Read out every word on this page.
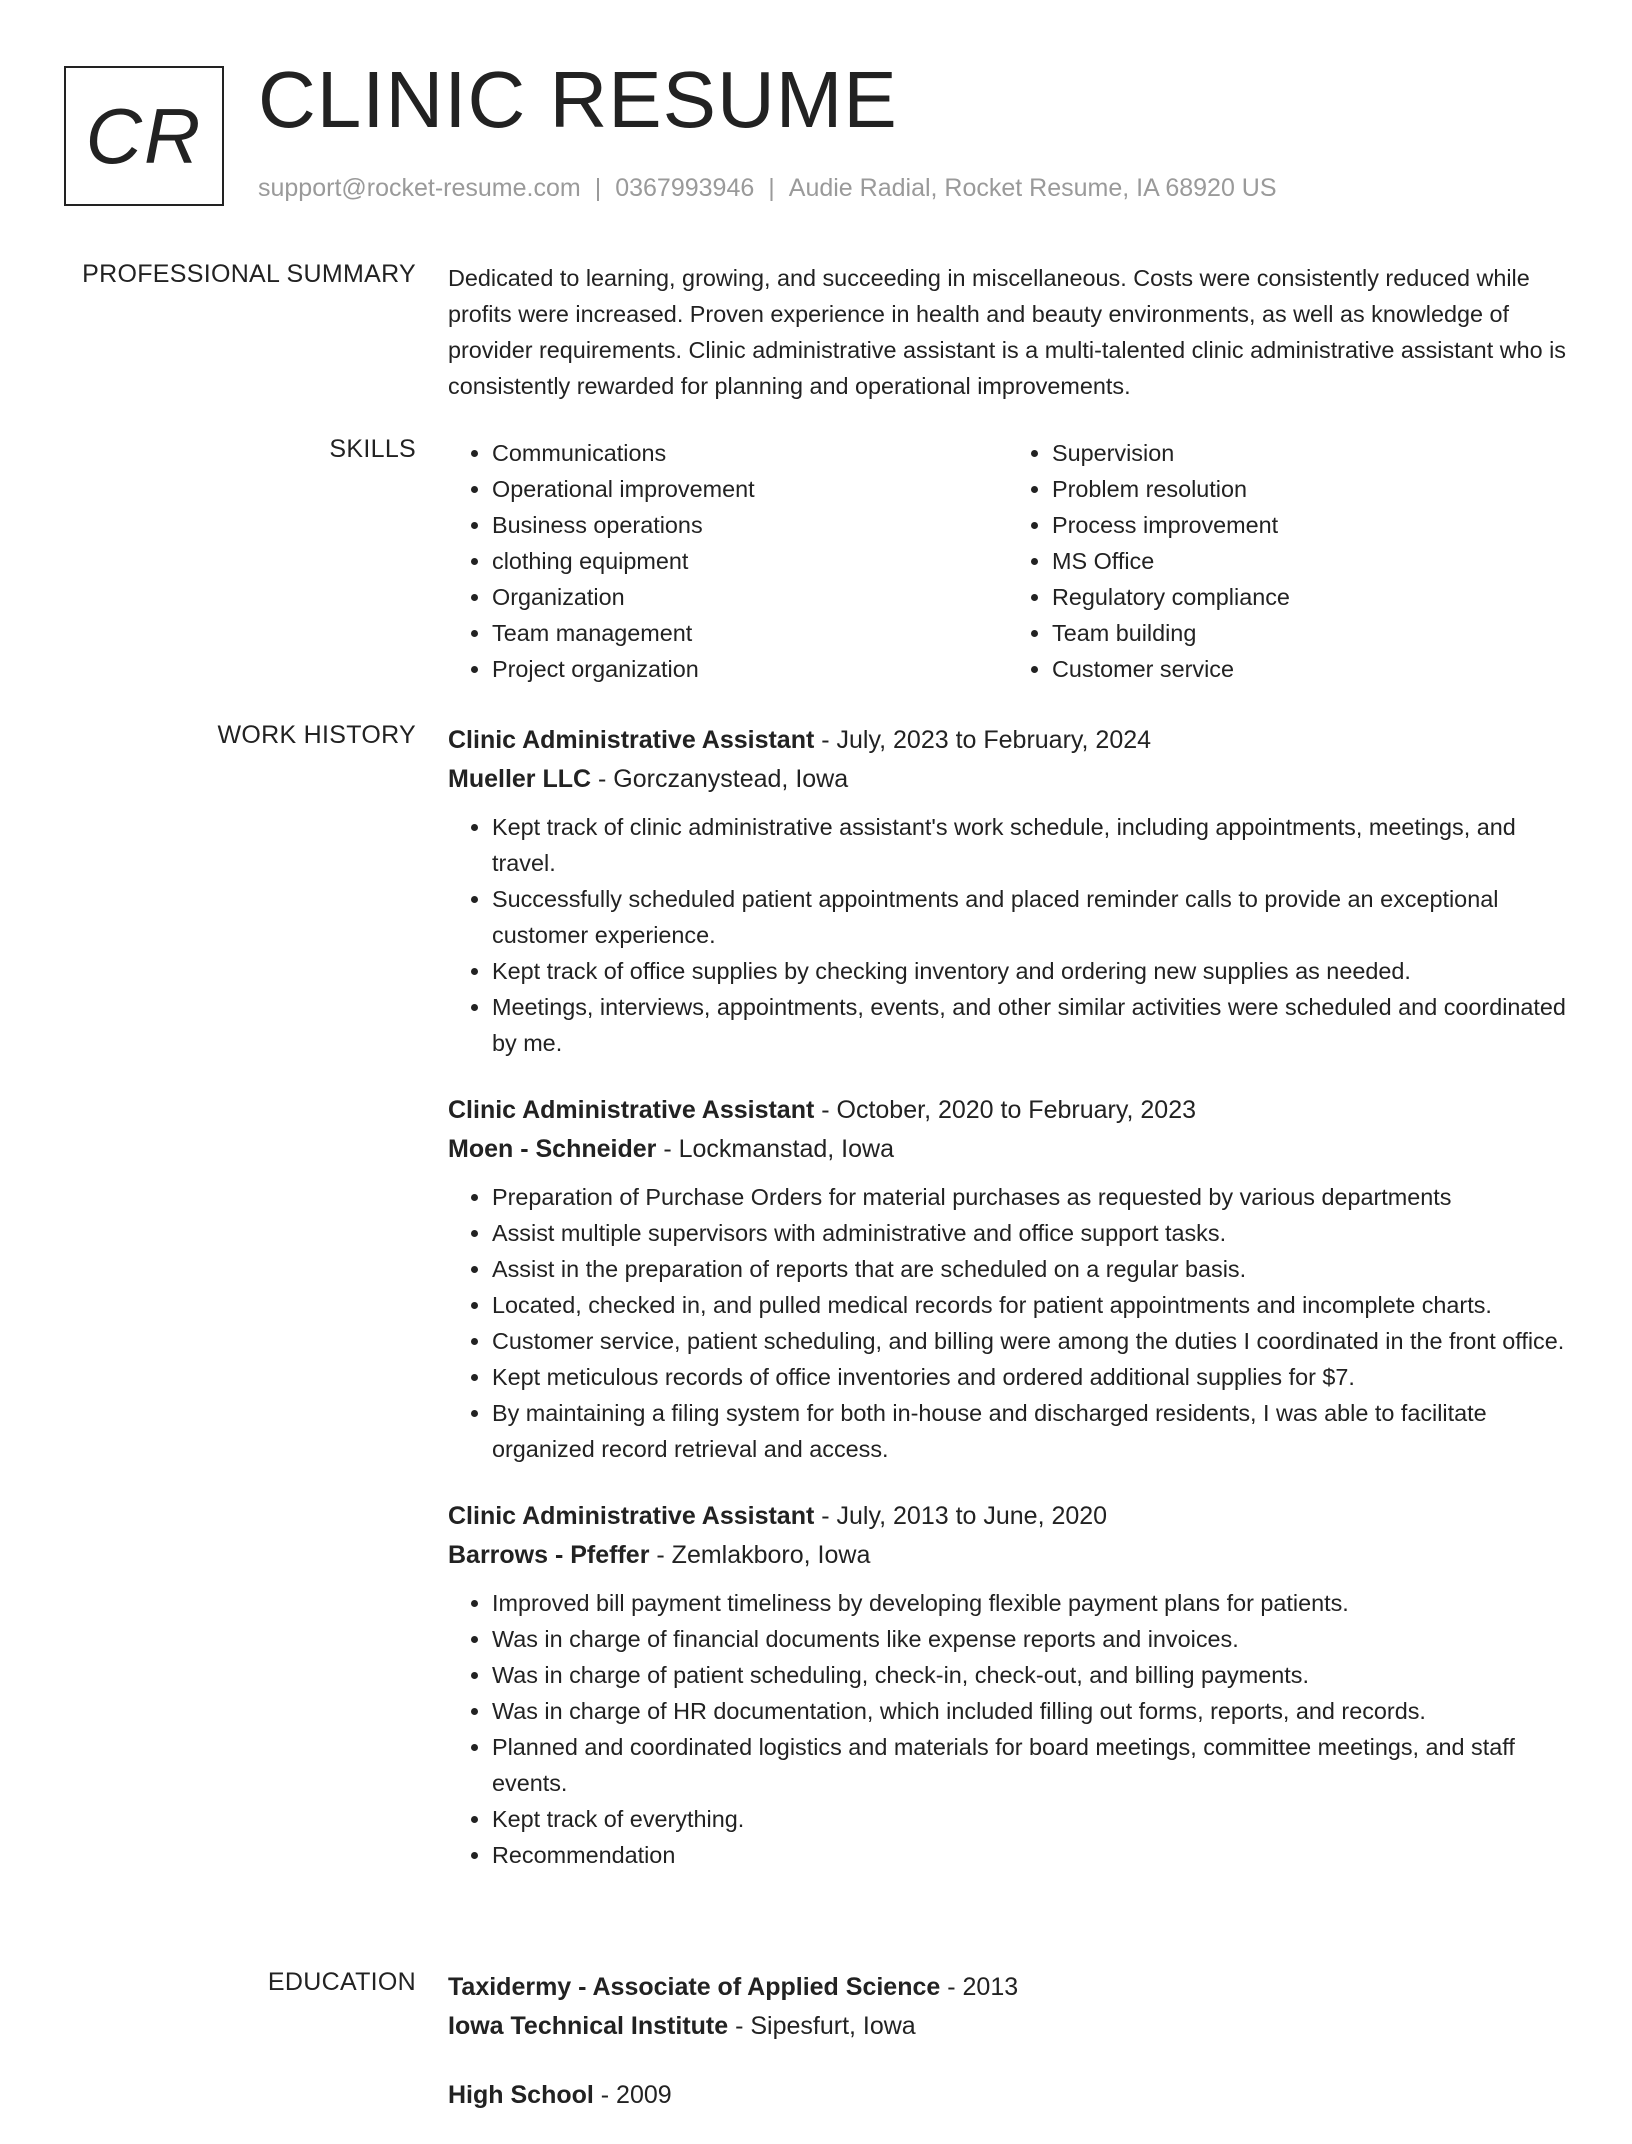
CR CLINIC RESUME
support@rocket-resume.com | 0367993946 | Audie Radial, Rocket Resume, IA 68920 US
PROFESSIONAL SUMMARY Dedicated to learning, growing, and succeeding in miscellaneous. Costs were consistently reduced while profits were increased. Proven experience in health and beauty environments, as well as knowledge of provider requirements. Clinic administrative assistant is a multi-talented clinic administrative assistant who is consistently rewarded for planning and operational improvements.

SKILLS
•	Communications
• Operational improvement
• Business operations
• clothing equipment
• Organization
• Team management
• Project organization
• Supervision
• Problem resolution
• Process improvement
• MS Office
• Regulatory compliance
• Team building
• Customer service
WORK HISTORY Clinic Administrative Assistant - July, 2023 to February, 2024
Mueller LLC - Gorczanystead, Iowa
• Kept track of clinic administrative assistant's work schedule, including appointments, meetings, and travel.
• Successfully scheduled patient appointments and placed reminder calls to provide an exceptional customer experience.
• Kept track of office supplies by checking inventory and ordering new supplies as needed.
• Meetings, interviews, appointments, events, and other similar activities were scheduled and coordinated by me.
Clinic Administrative Assistant - October, 2020 to February, 2023
Moen - Schneider - Lockmanstad, Iowa
• Preparation of Purchase Orders for material purchases as requested by various departments
• Assist multiple supervisors with administrative and office support tasks.
• Assist in the preparation of reports that are scheduled on a regular basis.
• Located, checked in, and pulled medical records for patient appointments and incomplete charts.
• Customer service, patient scheduling, and billing were among the duties I coordinated in the front office.
• Kept meticulous records of office inventories and ordered additional supplies for $7.
• By maintaining a filing system for both in-house and discharged residents, I was able to facilitate organized record retrieval and access.
Clinic Administrative Assistant - July, 2013 to June, 2020
Barrows - Pfeffer - Zemlakboro, Iowa
• Improved bill payment timeliness by developing flexible payment plans for patients.
• Was in charge of financial documents like expense reports and invoices.
• Was in charge of patient scheduling, check-in, check-out, and billing payments.
• Was in charge of HR documentation, which included filling out forms, reports, and records.
• Planned and coordinated logistics and materials for board meetings, committee meetings, and staff events.
• Kept track of everything.
• Recommendation
EDUCATION Taxidermy - Associate of Applied Science - 2013
Iowa Technical Institute - Sipesfurt, Iowa
High School - 2009
